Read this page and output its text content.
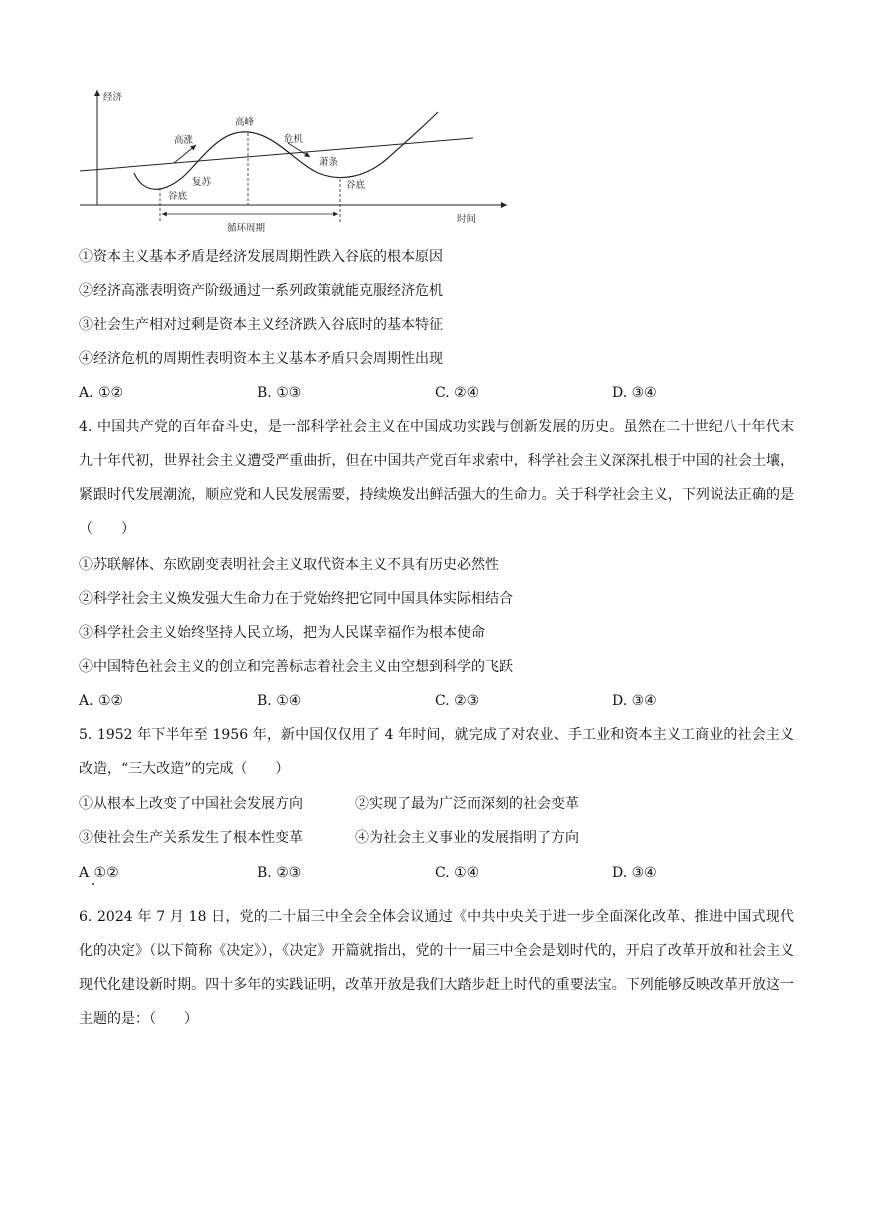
经济
时间
循环周期
高涨
高峰
危机
萧条
复苏
谷底
谷底
①资本主义基本矛盾是经济发展周期性跌入谷底的根本原因
②经济高涨表明资产阶级通过一系列政策就能克服经济危机
③社会生产相对过剩是资本主义经济跌入谷底时的基本特征
④经济危机的周期性表明资本主义基本矛盾只会周期性出现
A. ①②	B. ①③	C. ②④	D. ③④
4. 中国共产党的百年奋斗史，是一部科学社会主义在中国成功实践与创新发展的历史。虽然在二十世纪八十年代末九十年代初，世界社会主义遭受严重曲折，但在中国共产党百年求索中，科学社会主义深深扎根于中国的社会土壤，紧跟时代发展潮流，顺应党和人民发展需要，持续焕发出鲜活强大的生命力。关于科学社会主义，下列说法正确的是（　　）
①苏联解体、东欧剧变表明社会主义取代资本主义不具有历史必然性
②科学社会主义焕发强大生命力在于党始终把它同中国具体实际相结合
③科学社会主义始终坚持人民立场，把为人民谋幸福作为根本使命
④中国特色社会主义的创立和完善标志着社会主义由空想到科学的飞跃
A. ①②	B. ①④	C. ②③	D. ③④
5. 1952 年下半年至 1956 年，新中国仅仅用了 4 年时间，就完成了对农业、手工业和资本主义工商业的社会主义改造，“三大改造”的完成（　　）
①从根本上改变了中国社会发展方向	②实现了最为广泛而深刻的社会变革
③使社会生产关系发生了根本性变革	④为社会主义事业的发展指明了方向
A ①②	B. ②③	C. ①④	D. ③④
6. 2024 年 7 月 18 日，党的二十届三中全会全体会议通过《中共中央关于进一步全面深化改革、推进中国式现代化的决定》（以下简称《决定》），《决定》开篇就指出，党的十一届三中全会是划时代的，开启了改革开放和社会主义现代化建设新时期。四十多年的实践证明，改革开放是我们大踏步赶上时代的重要法宝。下列能够反映改革开放这一主题的是：（　　）
